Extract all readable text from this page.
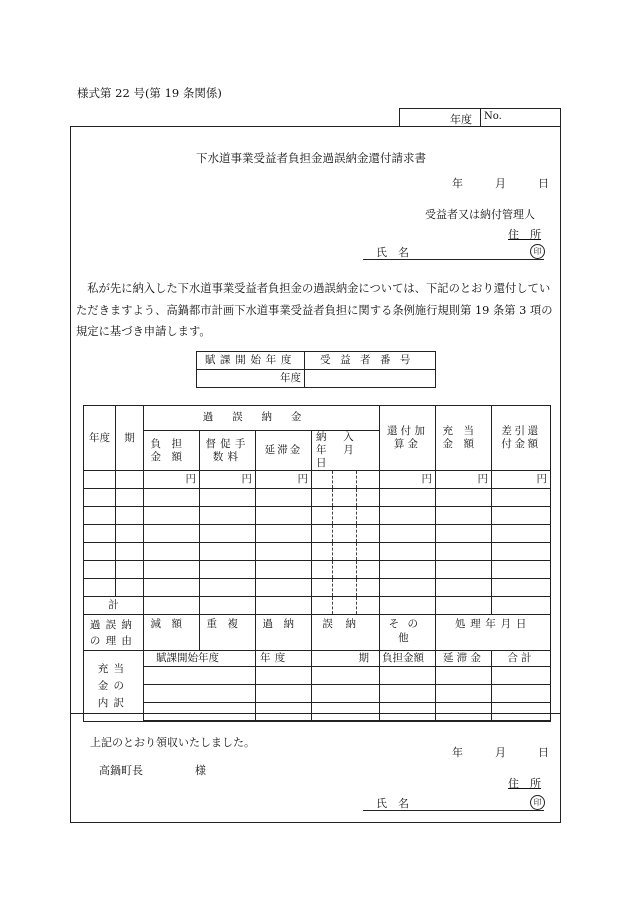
様式第 22 号(第 19 条関係)
年度 No.
下水道事業受益者負担金過誤納金還付請求書
年	月	日
受益者又は納付管理人
住　所
氏　名	印
私が先に納入した下水道事業受益者負担金の過誤納金については、下記のとおり還付していただきますよう、高鍋都市計画下水道事業受益者負担に関する条例施行規則第 19 条第 3 項の規定に基づき申請します。
賦課開始年度	受益者番号
年度	
年度	期	過誤納金						還付加算金	充当金額	差引還付金額
		負担金額	督促手数料	延滞金	納入年月日					
		円	円	円				円	円	円

計										
過誤納の理由		減額	重複	過納	誤納			その他	処理年月日	
充当金の内訳		賦課開始年度		年度	期			負担金額	延滞金	合計

上記のとおり領収いたしました。
年	月	日
高鍋町長	様
住　所
氏　名	印
